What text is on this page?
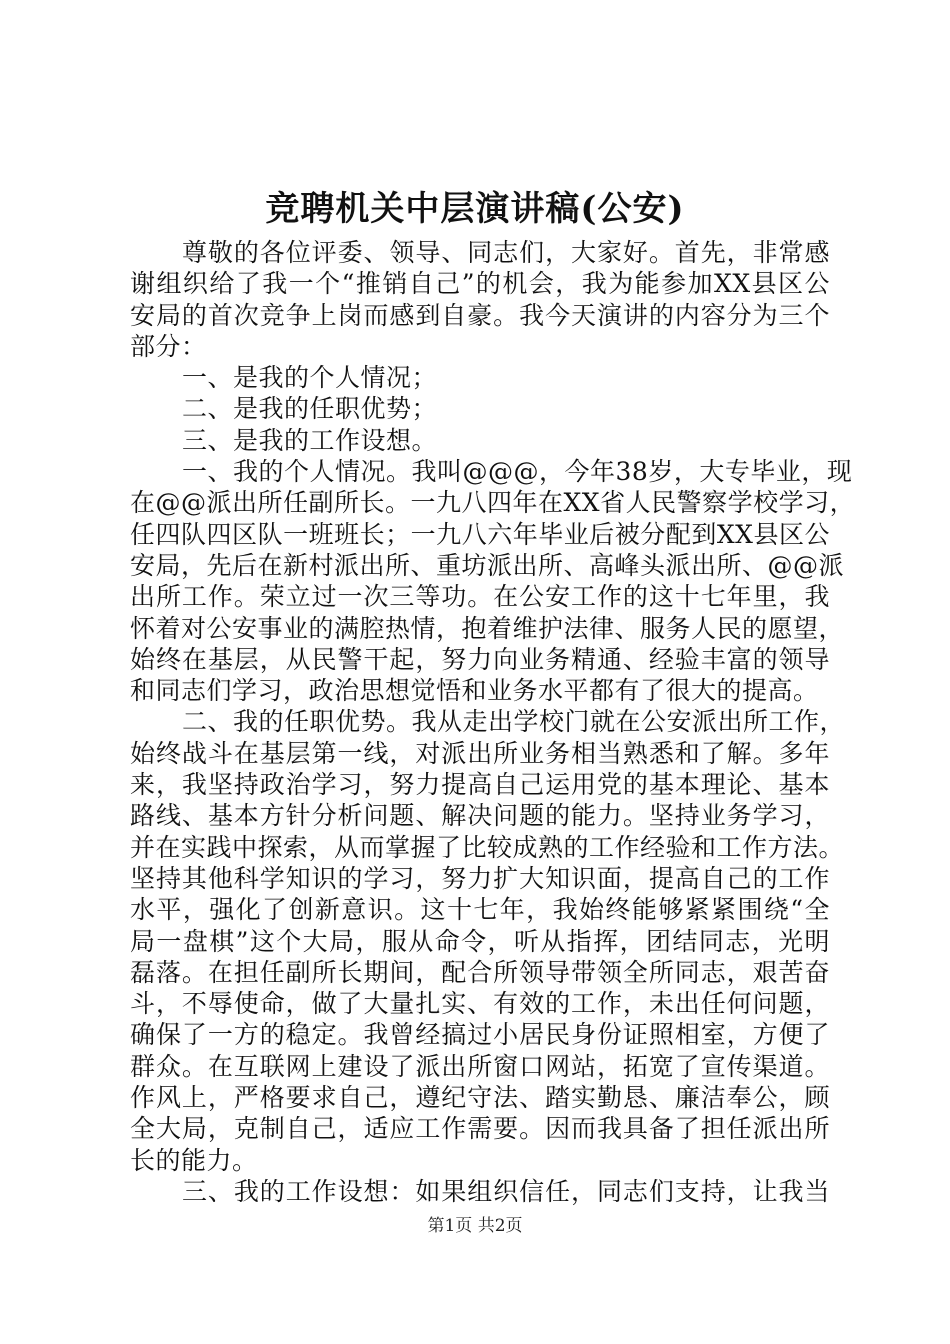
竞聘机关中层演讲稿(公安)
尊敬的各位评委、领导、同志们，大家好。首先，非常感
谢组织给了我一个“推销自己”的机会，我为能参加XX县区公
安局的首次竞争上岗而感到自豪。我今天演讲的内容分为三个
部分：
一、是我的个人情况；
二、是我的任职优势；
三、是我的工作设想。
一、我的个人情况。我叫@@@，今年38岁，大专毕业，现
在@@派出所任副所长。一九八四年在XX省人民警察学校学习，
任四队四区队一班班长；一九八六年毕业后被分配到XX县区公
安局，先后在新村派出所、重坊派出所、高峰头派出所、@@派
出所工作。荣立过一次三等功。在公安工作的这十七年里，我
怀着对公安事业的满腔热情，抱着维护法律、服务人民的愿望，
始终在基层，从民警干起，努力向业务精通、经验丰富的领导
和同志们学习，政治思想觉悟和业务水平都有了很大的提高。
二、我的任职优势。我从走出学校门就在公安派出所工作，
始终战斗在基层第一线，对派出所业务相当熟悉和了解。多年
来，我坚持政治学习，努力提高自己运用党的基本理论、基本
路线、基本方针分析问题、解决问题的能力。坚持业务学习，
并在实践中探索，从而掌握了比较成熟的工作经验和工作方法。
坚持其他科学知识的学习，努力扩大知识面，提高自己的工作
水平，强化了创新意识。这十七年，我始终能够紧紧围绕“全
局一盘棋”这个大局，服从命令，听从指挥，团结同志，光明
磊落。在担任副所长期间，配合所领导带领全所同志，艰苦奋
斗，不辱使命，做了大量扎实、有效的工作，未出任何问题，
确保了一方的稳定。我曾经搞过小居民身份证照相室，方便了
群众。在互联网上建设了派出所窗口网站，拓宽了宣传渠道。
作风上，严格要求自己，遵纪守法、踏实勤恳、廉洁奉公，顾
全大局，克制自己，适应工作需要。因而我具备了担任派出所
长的能力。
三、我的工作设想：如果组织信任，同志们支持，让我当
第1页 共2页
